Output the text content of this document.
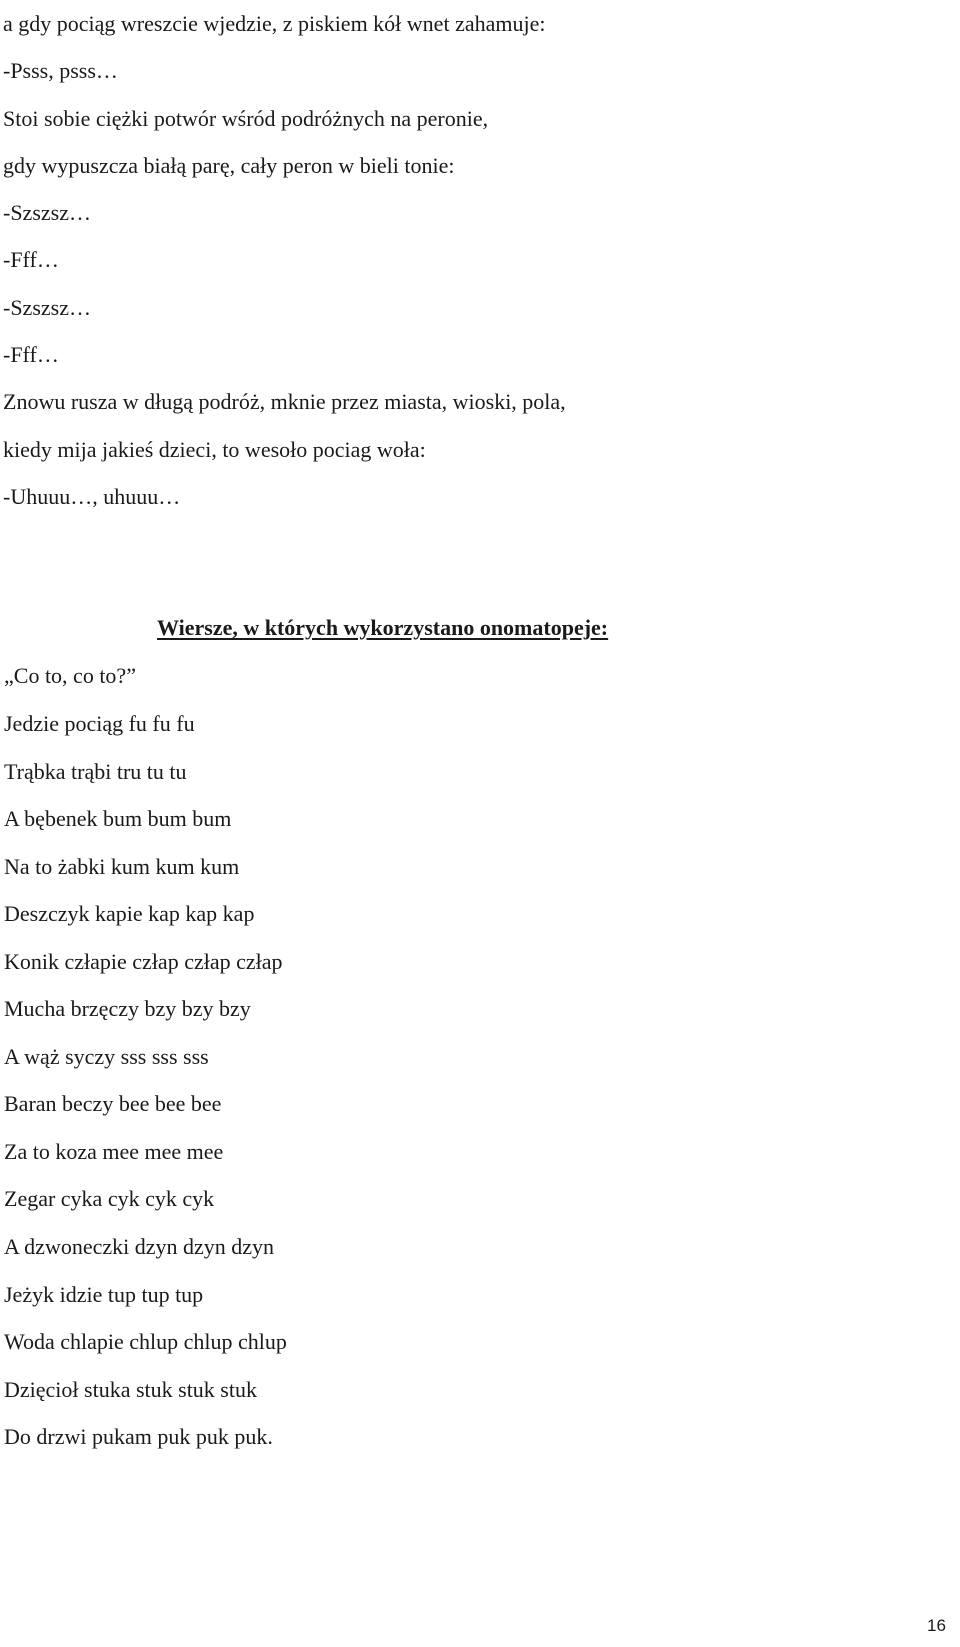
a gdy pociąg wreszcie wjedzie, z piskiem kół wnet zahamuje:
-Psss, psss…
Stoi sobie ciężki potwór wśród podróżnych na peronie,
gdy wypuszcza białą parę, cały peron w bieli tonie:
-Szszsz…
-Fff…
-Szszsz…
-Fff…
Znowu rusza w długą podróż, mknie przez miasta, wioski, pola,
kiedy mija jakieś dzieci, to wesoło pociag woła:
-Uhuuu…, uhuuu…
Wiersze, w których wykorzystano onomatopeje:
„Co to, co to?”
Jedzie pociąg fu fu fu
Trąbka trąbi tru tu tu
A bębenek bum bum bum
Na to żabki kum kum kum
Deszczyk kapie kap kap kap
Konik człapie człap człap człap
Mucha brzęczy bzy bzy bzy
A wąż syczy sss sss sss
Baran beczy bee bee bee
Za to koza mee mee mee
Zegar cyka cyk cyk cyk
A dzwoneczki dzyn dzyn dzyn
Jeżyk idzie tup tup tup
Woda chlapie chlup chlup chlup
Dzięcioł stuka stuk stuk stuk
Do drzwi pukam puk puk puk.
16
